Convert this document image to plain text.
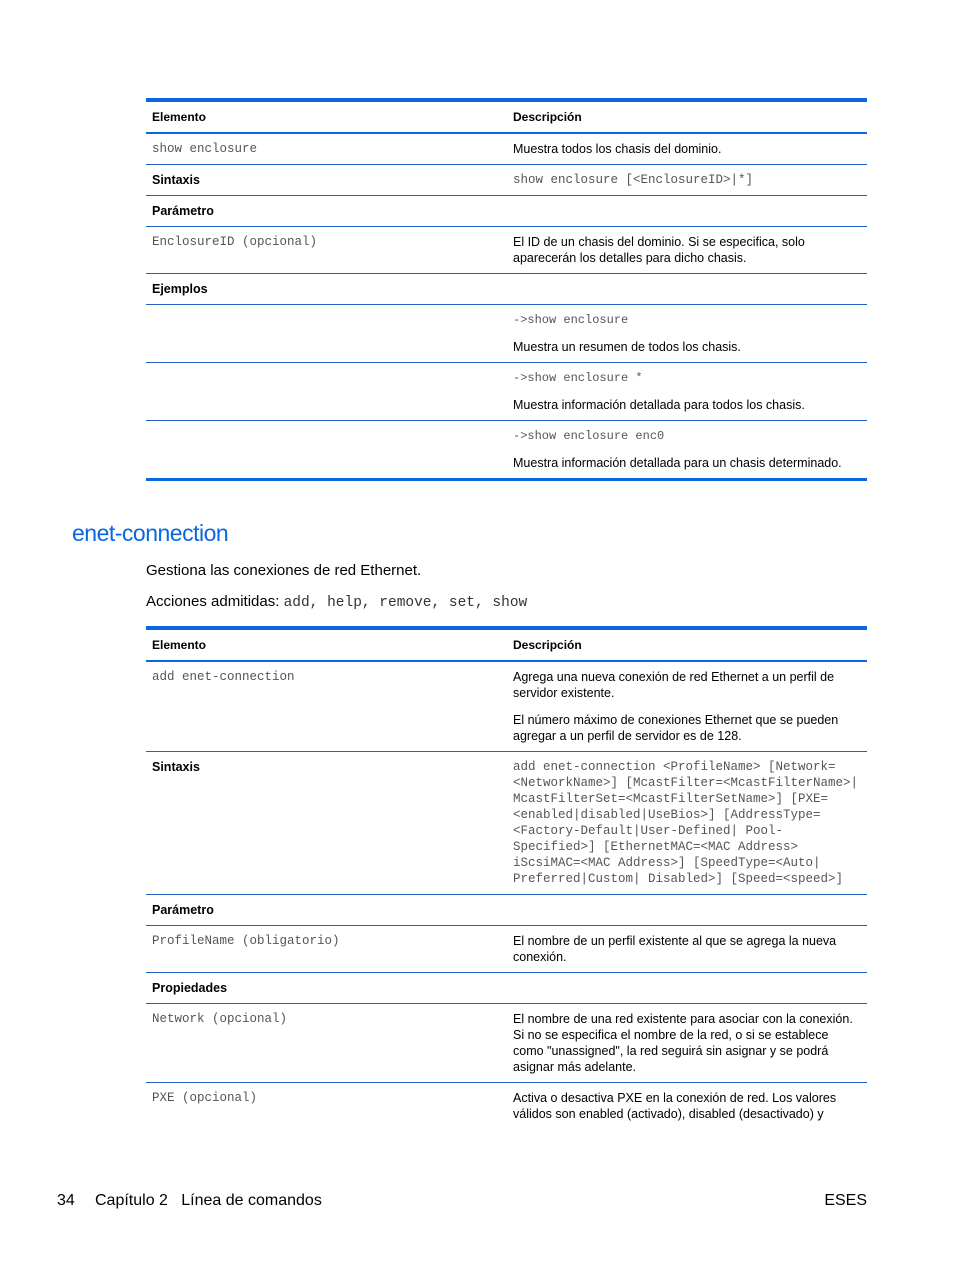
Elemento	Descripción
show enclosure	Muestra todos los chasis del dominio.
Sintaxis	show enclosure [<EnclosureID>|*]
Parámetro	
EnclosureID (opcional)	El ID de un chasis del dominio. Si se especifica, solo aparecerán los detalles para dicho chasis.
Ejemplos	

	->show enclosure

Muestra un resumen de todos los chasis.

	->show enclosure *

Muestra información detallada para todos los chasis.

	->show enclosure enc0

Muestra información detallada para un chasis determinado.

enet-connection
Gestiona las conexiones de red Ethernet.
Acciones admitidas: add, help, remove, set, show
Elemento	Descripción
add enet-connection	Agrega una nueva conexión de red Ethernet a un perfil de servidor existente.

El número máximo de conexiones Ethernet que se pueden agregar a un perfil de servidor es de 128.

Sintaxis	add enet-connection <ProfileName> [Network=<NetworkName>] [McastFilter=<McastFilterName>| McastFilterSet=<McastFilterSetName>] [PXE=<enabled|disabled|UseBios>] [AddressType=<Factory-Default|User-Defined| Pool-Specified>] [EthernetMAC=<MAC Address> iScsiMAC=<MAC Address>] [SpeedType=<Auto| Preferred|Custom| Disabled>] [Speed=<speed>]
Parámetro	
ProfileName (obligatorio)	El nombre de un perfil existente al que se agrega la nueva conexión.
Propiedades	
Network (opcional)	El nombre de una red existente para asociar con la conexión. Si no se especifica el nombre de la red, o si se establece como "unassigned", la red seguirá sin asignar y se podrá asignar más adelante.
PXE (opcional)	Activa o desactiva PXE en la conexión de red. Los valores válidos son enabled (activado), disabled (desactivado) y
34 Capítulo 2   Línea de comandos	ESES
